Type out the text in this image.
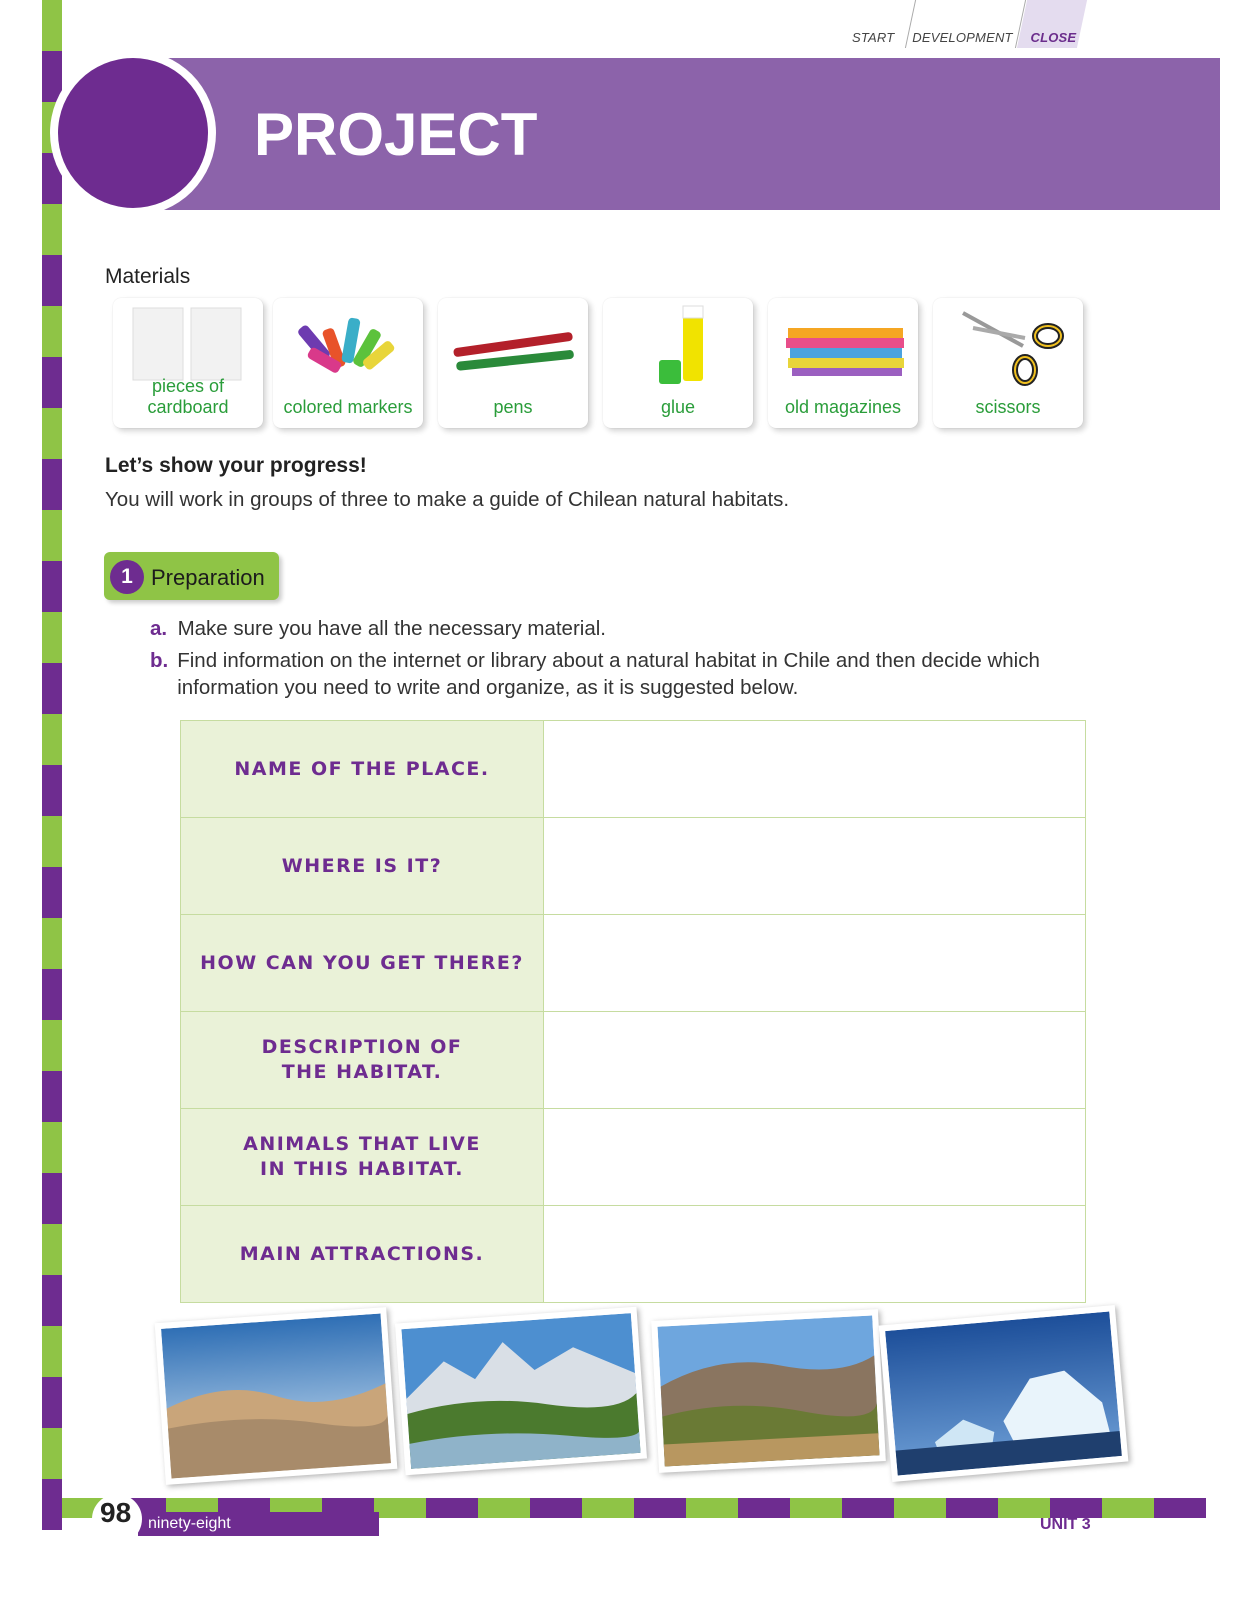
START DEVELOPMENT CLOSE
PROJECT
Materials
pieces of cardboard	colored markers	pens	glue	old magazines	scissors
Let’s show your progress!
You will work in groups of three to make a guide of Chilean natural habitats.
1 Preparation
a. Make sure you have all the necessary material.
b. Find information on the internet or library about a natural habitat in Chile and then decide which information you need to write and organize, as it is suggested below.
NAME OF THE PLACE.	
WHERE IS IT?	
HOW CAN YOU GET THERE?	
DESCRIPTION OF
THE HABITAT.	
ANIMALS THAT LIVE
IN THIS HABITAT.	
MAIN ATTRACTIONS.	
ninety-eight
98	UNIT 3
